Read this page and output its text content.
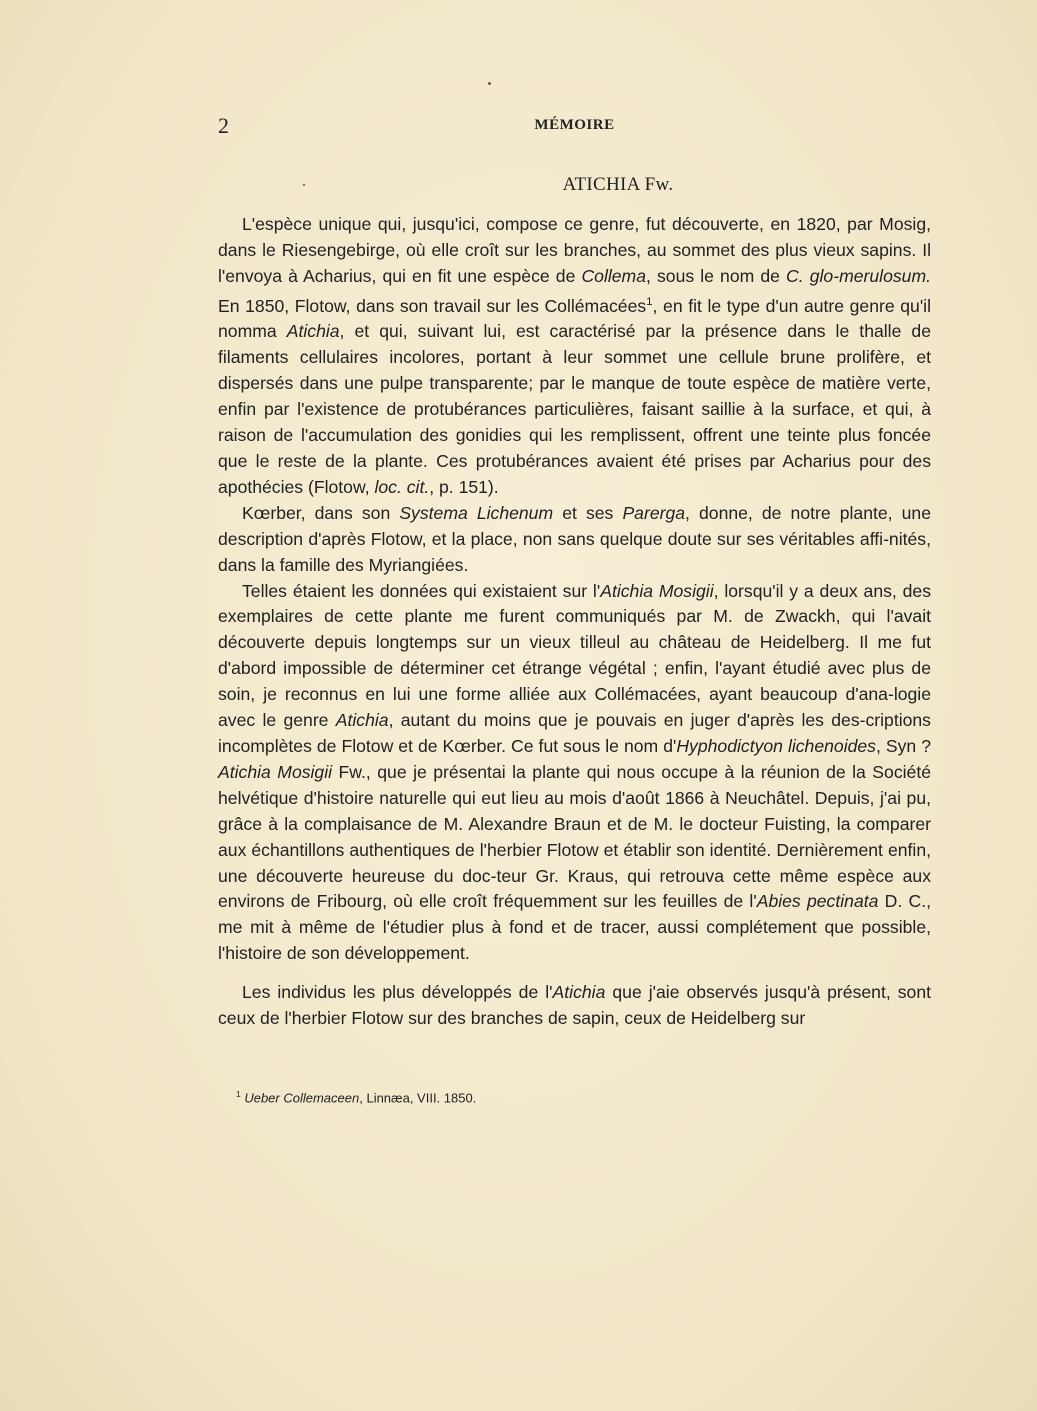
2	MÉMOIRE
ATICHIA Fw.

L'espèce unique qui, jusqu'ici, compose ce genre, fut découverte, en 1820, par Mosig, dans le Riesengebirge, où elle croît sur les branches, au sommet des plus vieux sapins. Il l'envoya à Acharius, qui en fit une espèce de Collema, sous le nom de C. glo-merulosum. En 1850, Flotow, dans son travail sur les Collémacées$^1$, en fit le type d'un autre genre qu'il nomma Atichia, et qui, suivant lui, est caractérisé par la présence dans le thalle de filaments cellulaires incolores, portant à leur sommet une cellule brune prolifère, et dispersés dans une pulpe transparente; par le manque de toute espèce de matière verte, enfin par l'existence de protubérances particulières, faisant saillie à la surface, et qui, à raison de l'accumulation des gonidies qui les remplissent, offrent une teinte plus foncée que le reste de la plante. Ces protubérances avaient été prises par Acharius pour des apothécies (Flotow, loc. cit., p. 151).

Kœrber, dans son Systema Lichenum et ses Parerga, donne, de notre plante, une description d'après Flotow, et la place, non sans quelque doute sur ses véritables affi-nités, dans la famille des Myriangiées.

Telles étaient les données qui existaient sur l'Atichia Mosigii, lorsqu'il y a deux ans, des exemplaires de cette plante me furent communiqués par M. de Zwackh, qui l'avait découverte depuis longtemps sur un vieux tilleul au château de Heidelberg. Il me fut d'abord impossible de déterminer cet étrange végétal ; enfin, l'ayant étudié avec plus de soin, je reconnus en lui une forme alliée aux Collémacées, ayant beaucoup d'ana-logie avec le genre Atichia, autant du moins que je pouvais en juger d'après les des-criptions incomplètes de Flotow et de Kœrber. Ce fut sous le nom d'Hyphodictyon lichenoides, Syn ? Atichia Mosigii Fw., que je présentai la plante qui nous occupe à la réunion de la Société helvétique d'histoire naturelle qui eut lieu au mois d'août 1866 à Neuchâtel. Depuis, j'ai pu, grâce à la complaisance de M. Alexandre Braun et de M. le docteur Fuisting, la comparer aux échantillons authentiques de l'herbier Flotow et établir son identité. Dernièrement enfin, une découverte heureuse du doc-teur Gr. Kraus, qui retrouva cette même espèce aux environs de Fribourg, où elle croît fréquemment sur les feuilles de l'Abies pectinata D. C., me mit à même de l'étudier plus à fond et de tracer, aussi complétement que possible, l'histoire de son développement.

Les individus les plus développés de l'Atichia que j'aie observés jusqu'à présent, sont ceux de l'herbier Flotow sur des branches de sapin, ceux de Heidelberg sur

$^1$ Ueber Collemaceen, Linnæa, VIII. 1850.
